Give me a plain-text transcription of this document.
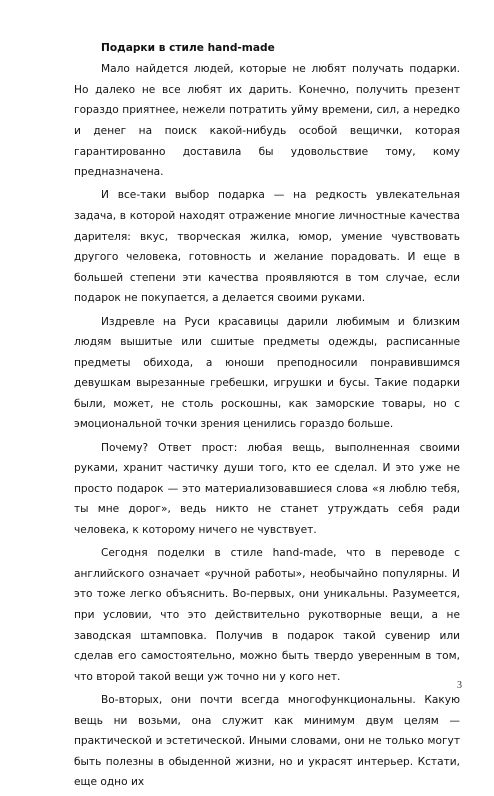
Подарки в стиле hand-made

Мало найдется людей, которые не любят получать подарки. Но далеко не все любят их дарить. Конечно, получить презент гораздо приятнее, нежели потратить уйму времени, сил, а нередко и денег на поиск какой-нибудь особой вещички, которая гарантированно доставила бы удовольствие тому, кому предназначена.

И все-таки выбор подарка — на редкость увлекательная задача, в которой находят отражение многие личностные качества дарителя: вкус, творческая жилка, юмор, умение чувствовать другого человека, готовность и желание порадовать. И еще в большей степени эти качества проявляются в том случае, если подарок не покупается, а делается своими руками.

Издревле на Руси красавицы дарили любимым и близким людям вышитые или сшитые предметы одежды, расписанные предметы обихода, а юноши преподносили понравившимся девушкам вырезанные гребешки, игрушки и бусы. Такие подарки были, может, не столь роскошны, как заморские товары, но с эмоциональной точки зрения ценились гораздо больше.

Почему? Ответ прост: любая вещь, выполненная своими руками, хранит частичку души того, кто ее сделал. И это уже не просто подарок — это материализовавшиеся слова «я люблю тебя, ты мне дорог», ведь никто не станет утруждать себя ради человека, к которому ничего не чувствует.

Сегодня поделки в стиле hand-made, что в переводе с английского означает «ручной работы», необычайно популярны. И это тоже легко объяснить. Во-первых, они уникальны. Разумеется, при условии, что это действительно рукотворные вещи, а не заводская штамповка. Получив в подарок такой сувенир или сделав его самостоятельно, можно быть твердо уверенным в том, что второй такой вещи уж точно ни у кого нет.

Во-вторых, они почти всегда многофункциональны. Какую вещь ни возьми, она служит как минимум двум целям — практической и эстетической. Иными словами, они не только могут быть полезны в обыденной жизни, но и украсят интерьер. Кстати, еще одно их

3
